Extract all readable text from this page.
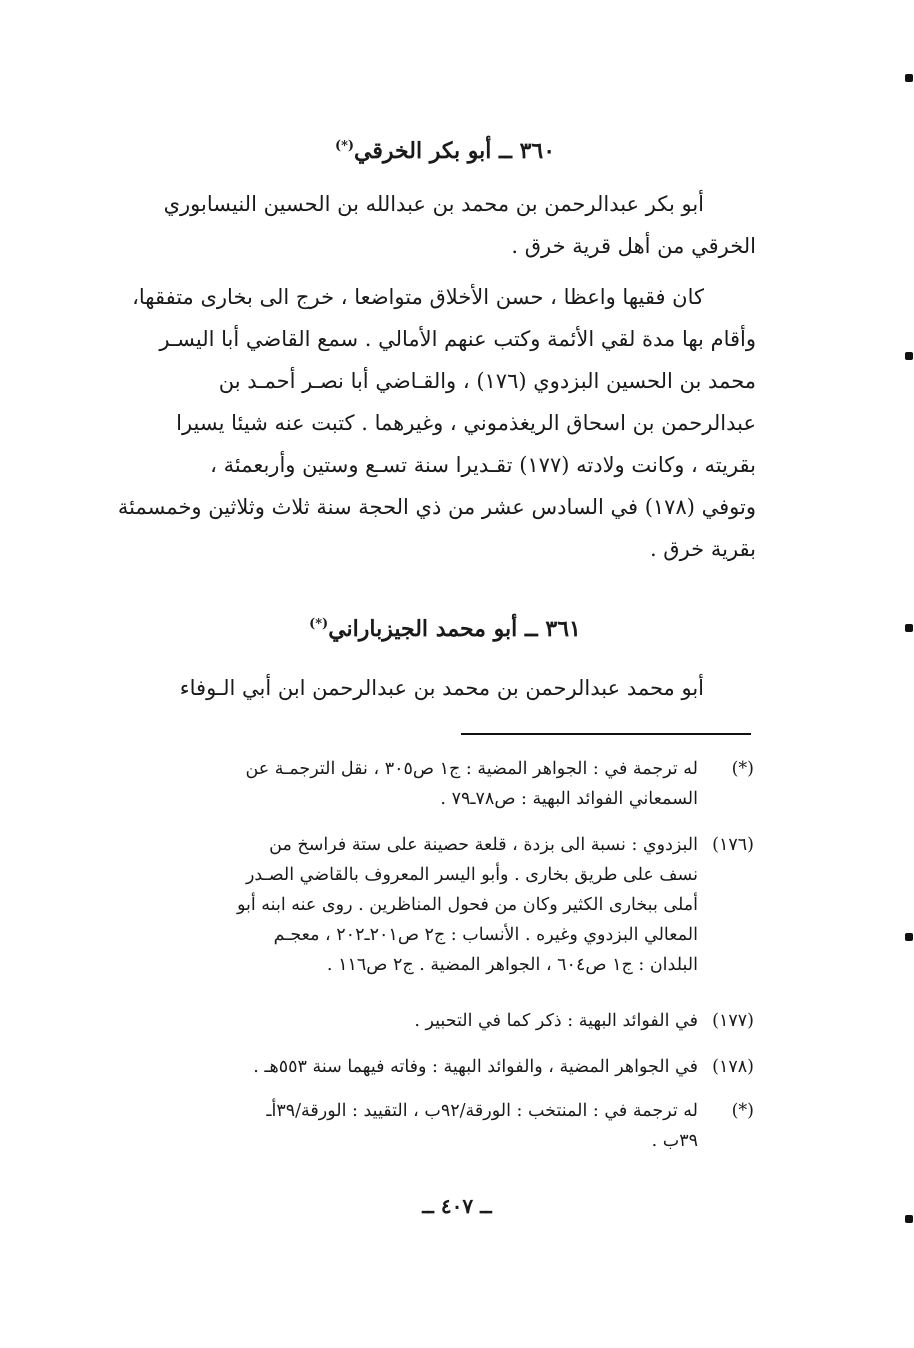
٣٦٠ ــ أبو بكر الخرقي(*)
أبو بكر عبدالرحمن بن محمد بن عبدالله بن الحسين النيسابوري
الخرقي من أهل قرية خرق .
كان فقيها واعظا ، حسن الأخلاق متواضعا ، خرج الى بخارى متفقها،
وأقام بها مدة لقي الأئمة وكتب عنهم الأمالي . سمع القاضي أبا اليسـر
محمد بن الحسين البزدوي (١٧٦) ، والقـاضي أبا نصـر أحمـد بن
عبدالرحمن بن اسحاق الريغذموني ، وغيرهما . كتبت عنه شيئا يسيرا
بقريته ، وكانت ولادته (١٧٧) تقـديرا سنة تسـع وستين وأربعمئة ،
وتوفي (١٧٨) في السادس عشر من ذي الحجة سنة ثلاث وثلاثين وخمسمئة
بقرية خرق .
٣٦١ ــ أبو محمد الجيزباراني(*)
أبو محمد عبدالرحمن بن محمد بن عبدالرحمن ابن أبي الـوفاء
(*)
له ترجمة في : الجواهر المضية : ج١ ص٣٠٥ ، نقل الترجمـة عن
السمعاني الفوائد البهية : ص٧٨ـ٧٩ .
(١٧٦)
البزدوي : نسبة الى بزدة ، قلعة حصينة على ستة فراسخ من
نسف على طريق بخارى . وأبو اليسر المعروف بالقاضي الصـدر
أملى ببخارى الكثير وكان من فحول المناظرين . روى عنه ابنه أبو
المعالي البزدوي وغيره . الأنساب : ج٢ ص٢٠١ـ٢٠٢ ، معجـم
البلدان : ج١ ص٦٠٤ ، الجواهر المضية . ج٢ ص١١٦ .
(١٧٧)
في الفوائد البهية : ذكر كما في التحبير .
(١٧٨)
في الجواهر المضية ، والفوائد البهية : وفاته فيهما سنة ٥٥٣هـ .
(*)
له ترجمة في : المنتخب : الورقة/٩٢ب ، التقييد : الورقة/٣٩أـ
٣٩ب .
ــ ٤٠٧ ــ
